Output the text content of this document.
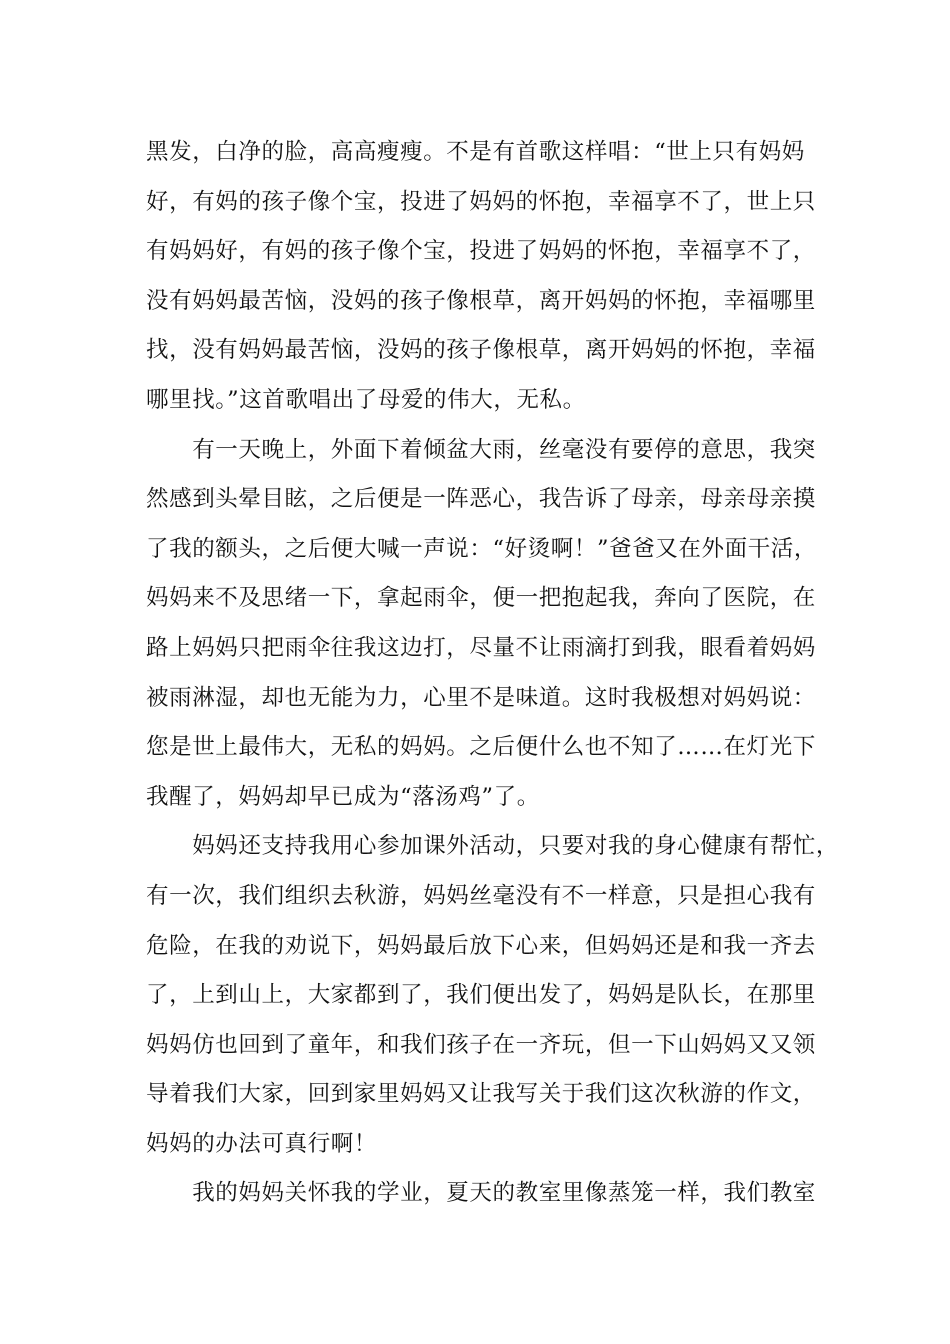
黑发，白净的脸，高高瘦瘦。不是有首歌这样唱：“世上只有妈妈
好，有妈的孩子像个宝，投进了妈妈的怀抱，幸福享不了，世上只
有妈妈好，有妈的孩子像个宝，投进了妈妈的怀抱，幸福享不了，
没有妈妈最苦恼，没妈的孩子像根草，离开妈妈的怀抱，幸福哪里
找，没有妈妈最苦恼，没妈的孩子像根草，离开妈妈的怀抱，幸福
哪里找。”这首歌唱出了母爱的伟大，无私。
　　有一天晚上，外面下着倾盆大雨，丝毫没有要停的意思，我突
然感到头晕目眩，之后便是一阵恶心，我告诉了母亲，母亲母亲摸
了我的额头，之后便大喊一声说：“好烫啊！”爸爸又在外面干活，
妈妈来不及思绪一下，拿起雨伞，便一把抱起我，奔向了医院，在
路上妈妈只把雨伞往我这边打，尽量不让雨滴打到我，眼看着妈妈
被雨淋湿，却也无能为力，心里不是味道。这时我极想对妈妈说：
您是世上最伟大，无私的妈妈。之后便什么也不知了……在灯光下
我醒了，妈妈却早已成为“落汤鸡”了。
　　妈妈还支持我用心参加课外活动，只要对我的身心健康有帮忙，
有一次，我们组织去秋游，妈妈丝毫没有不一样意，只是担心我有
危险，在我的劝说下，妈妈最后放下心来，但妈妈还是和我一齐去
了，上到山上，大家都到了，我们便出发了，妈妈是队长，在那里
妈妈仿也回到了童年，和我们孩子在一齐玩，但一下山妈妈又又领
导着我们大家，回到家里妈妈又让我写关于我们这次秋游的作文，
妈妈的办法可真行啊！
　　我的妈妈关怀我的学业，夏天的教室里像蒸笼一样，我们教室
